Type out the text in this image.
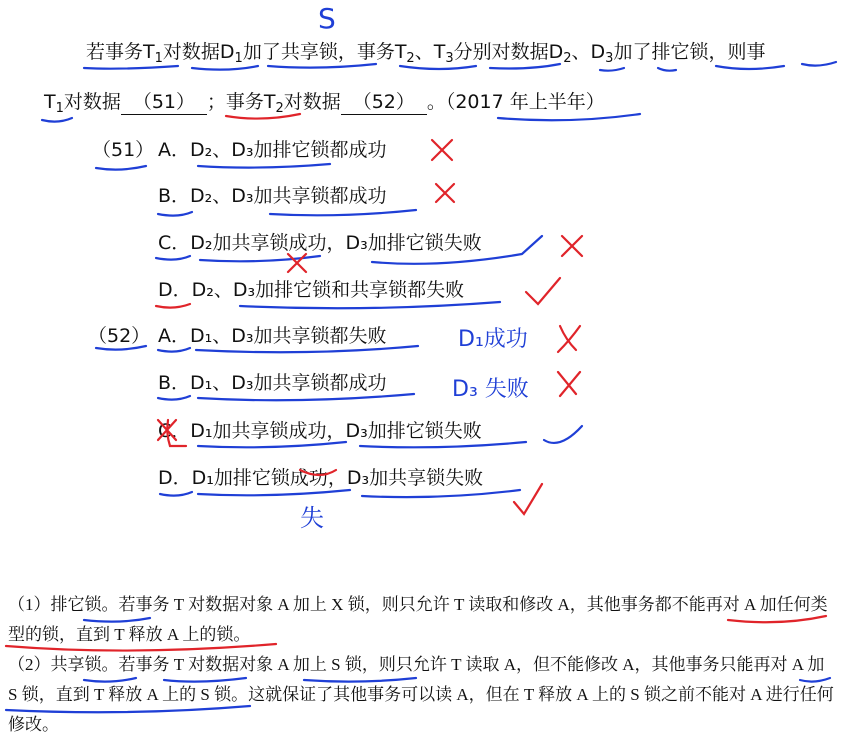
若事务$T_1$对数据$D_1$加了共享锁，事务$T_2$、$T_3$分别对数据$D_2$、$D_3$加了排它锁，则事
$T_1$对数据 （51） ；事务$T_2$对数据 （52） 。（2017 年上半年）
（51） A．D₂、D₃加排它锁都成功
B．D₂、D₃加共享锁都成功
C．D₂加共享锁成功，D₃加排它锁失败
D．D₂、D₃加排它锁和共享锁都失败
（52） A．D₁、D₃加共享锁都失败
B．D₁、D₃加共享锁都成功
C．D₁加共享锁成功，D₃加排它锁失败
D．D₁加排它锁成功，D₃加共享锁失败
S
D₁成功
D₃ 失败
失
（1）排它锁。若事务 T 对数据对象 A 加上 X 锁，则只允许 T 读取和修改 A，其他事务都不能再对 A 加任何类型的锁，直到 T 释放 A 上的锁。
（2）共享锁。若事务 T 对数据对象 A 加上 S 锁，则只允许 T 读取 A，但不能修改 A，其他事务只能再对 A 加 S 锁，直到 T 释放 A 上的 S 锁。这就保证了其他事务可以读 A，但在 T 释放 A 上的 S 锁之前不能对 A 进行任何修改。
